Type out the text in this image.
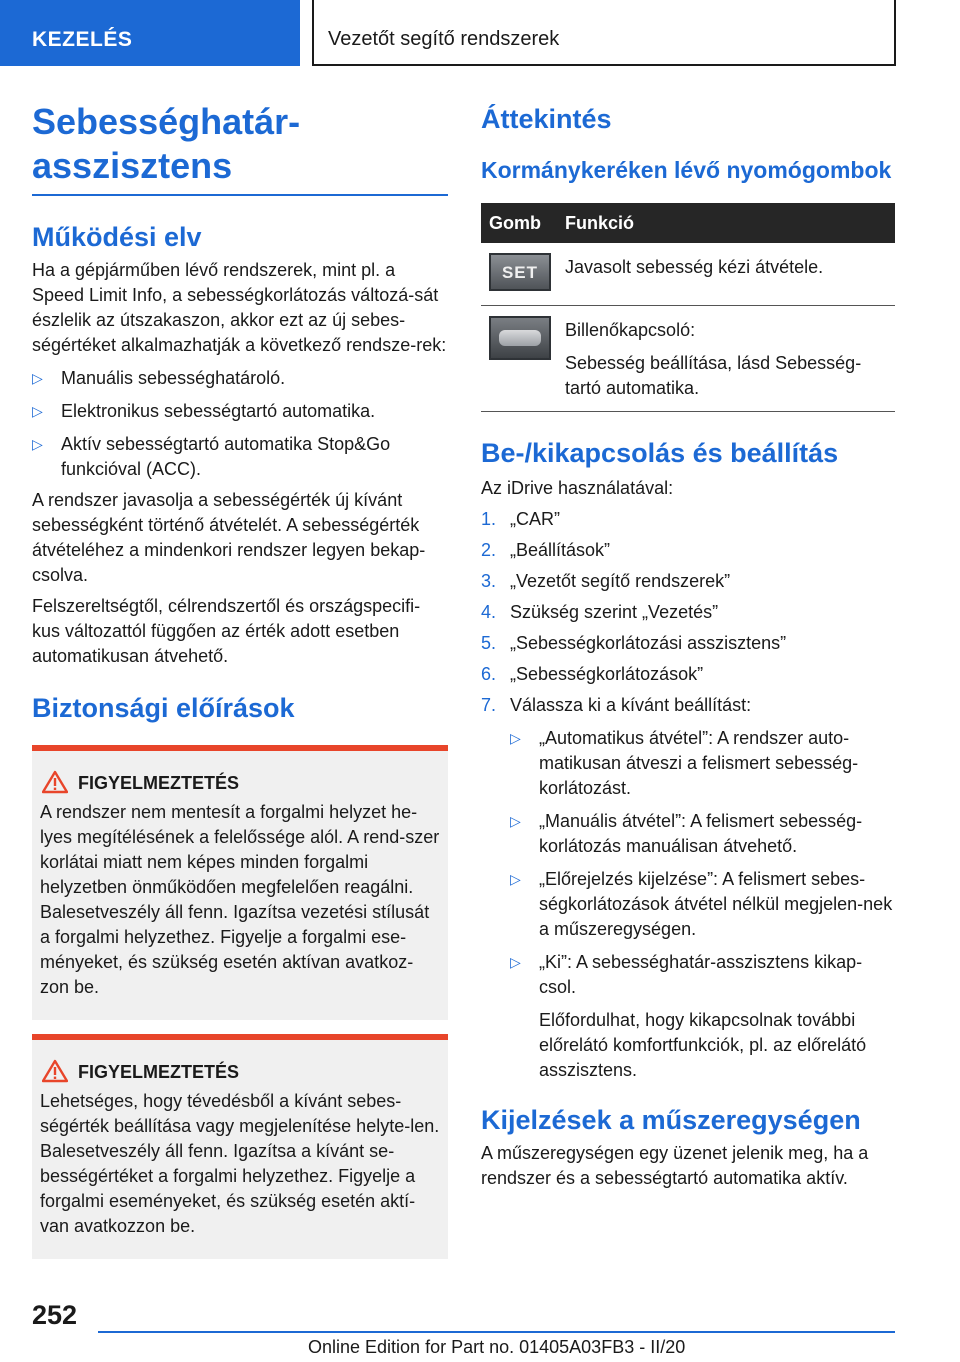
KEZELÉS	Vezetőt segítő rendszerek
Sebességhatár-
asszisztens
Működési elv
Ha a gépjárműben lévő rendszerek, mint pl. a Speed Limit Info, a sebességkorlátozás változá-sát észlelik az útszakaszon, akkor ezt az új sebes-ségértéket alkalmazhatják a következő rendsze-rek:
▷ Manuális sebességhatároló.
▷ Elektronikus sebességtartó automatika.
▷ Aktív sebességtartó automatika Stop&Go funkcióval (ACC).
A rendszer javasolja a sebességérték új kívánt sebességként történő átvételét. A sebességérték átvételéhez a mindenkori rendszer legyen bekap-csolva.
Felszereltségtől, célrendszertől és országspecifi-kus változattól függően az érték adott esetben automatikusan átvehető.
Biztonsági előírások
FIGYELMEZTETÉS
A rendszer nem mentesít a forgalmi helyzet he-lyes megítélésének a felelőssége alól. A rend-szer korlátai miatt nem képes minden forgalmi helyzetben önműködően megfelelően reagálni. Balesetveszély áll fenn. Igazítsa vezetési stílusát a forgalmi helyzethez. Figyelje a forgalmi ese-ményeket, és szükség esetén aktívan avatkoz-zon be.
FIGYELMEZTETÉS
Lehetséges, hogy tévedésből a kívánt sebes-ségérték beállítása vagy megjelenítése helyte-len. Balesetveszély áll fenn. Igazítsa a kívánt se-bességértéket a forgalmi helyzethez. Figyelje a forgalmi eseményeket, és szükség esetén aktí-van avatkozzon be.
Áttekintés
Kormánykeréken lévő nyomógombok
Gomb	Funkció

SET	Javasolt sebesség kézi átvétele.

	Billenőkapcsoló:
Sebesség beállítása, lásd Sebesség-tartó automatika.
Be-/kikapcsolás és beállítás
Az iDrive használatával:
1. „CAR”
2. „Beállítások”
3. „Vezetőt segítő rendszerek”
4. Szükség szerint „Vezetés”
5. „Sebességkorlátozási asszisztens”
6. „Sebességkorlátozások”
7. Válassza ki a kívánt beállítást:
▷ „Automatikus átvétel”: A rendszer auto-matikusan átveszi a felismert sebesség-korlátozást.
▷ „Manuális átvétel”: A felismert sebesség-korlátozás manuálisan átvehető.
▷ „Előrejelzés kijelzése”: A felismert sebes-ségkorlátozások átvétel nélkül megjelen-nek a műszeregységen.
▷ „Ki”: A sebességhatár-asszisztens kikap-csol.
Előfordulhat, hogy kikapcsolnak további előrelátó komfortfunkciók, pl. az előrelátó asszisztens.
Kijelzések a műszeregységen
A műszeregységen egy üzenet jelenik meg, ha a rendszer és a sebességtartó automatika aktív.
252
Online Edition for Part no. 01405A03FB3 - II/20
